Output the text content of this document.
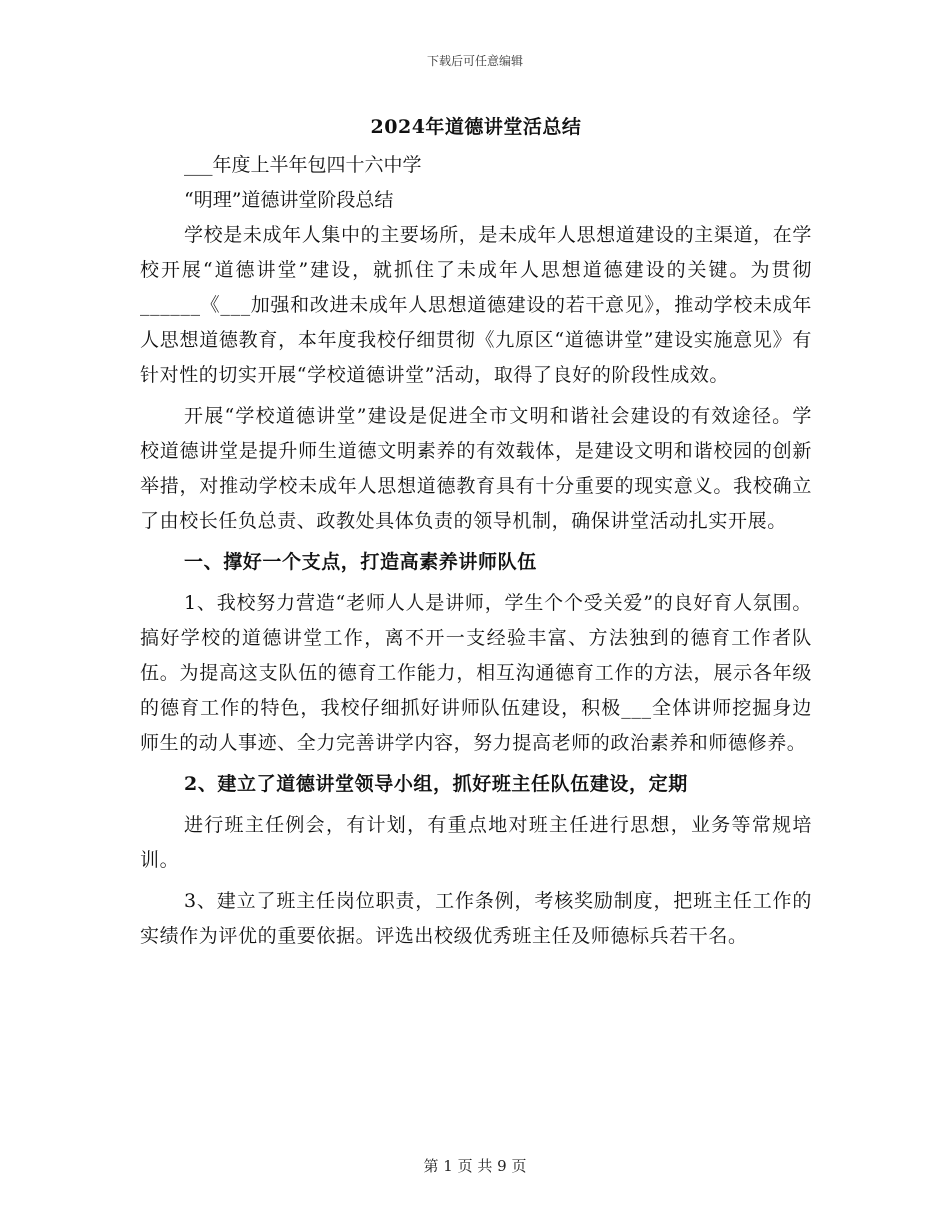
下载后可任意编辑
2024年道德讲堂活总结

___年度上半年包四十六中学

“明理”道德讲堂阶段总结

学校是未成年人集中的主要场所，是未成年人思想道建设的主渠道，在学校开展“道德讲堂”建设，就抓住了未成年人思想道德建设的关键。为贯彻______《___加强和改进未成年人思想道德建设的若干意见》，推动学校未成年人思想道德教育，本年度我校仔细贯彻《九原区“道德讲堂”建设实施意见》有针对性的切实开展“学校道德讲堂”活动，取得了良好的阶段性成效。

开展“学校道德讲堂”建设是促进全市文明和谐社会建设的有效途径。学校道德讲堂是提升师生道德文明素养的有效载体，是建设文明和谐校园的创新举措，对推动学校未成年人思想道德教育具有十分重要的现实意义。我校确立了由校长任负总责、政教处具体负责的领导机制，确保讲堂活动扎实开展。

一、撑好一个支点，打造高素养讲师队伍

1、我校努力营造“老师人人是讲师，学生个个受关爱”的良好育人氛围。搞好学校的道德讲堂工作，离不开一支经验丰富、方法独到的德育工作者队伍。为提高这支队伍的德育工作能力，相互沟通德育工作的方法，展示各年级的德育工作的特色，我校仔细抓好讲师队伍建设，积极___全体讲师挖掘身边师生的动人事迹、全力完善讲学内容，努力提高老师的政治素养和师德修养。

2、建立了道德讲堂领导小组，抓好班主任队伍建设，定期

进行班主任例会，有计划，有重点地对班主任进行思想，业务等常规培训。

3、建立了班主任岗位职责，工作条例，考核奖励制度，把班主任工作的实绩作为评优的重要依据。评选出校级优秀班主任及师德标兵若干名。

第 1 页 共 9 页
